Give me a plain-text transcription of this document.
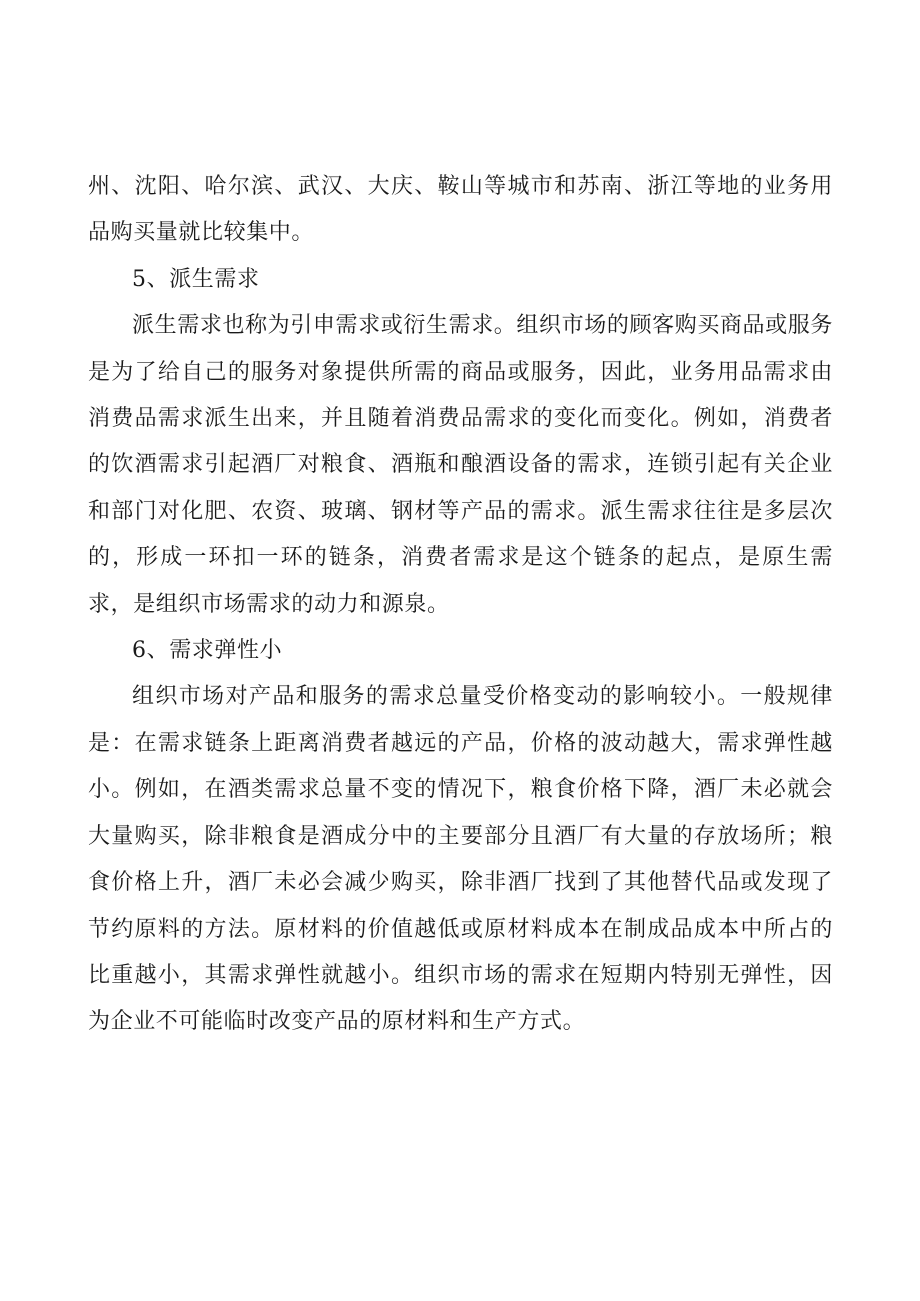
州、沈阳、哈尔滨、武汉、大庆、鞍山等城市和苏南、浙江等地的业务用品购买量就比较集中。

5、派生需求

派生需求也称为引申需求或衍生需求。组织市场的顾客购买商品或服务是为了给自己的服务对象提供所需的商品或服务，因此，业务用品需求由消费品需求派生出来，并且随着消费品需求的变化而变化。例如，消费者的饮酒需求引起酒厂对粮食、酒瓶和酿酒设备的需求，连锁引起有关企业和部门对化肥、农资、玻璃、钢材等产品的需求。派生需求往往是多层次的，形成一环扣一环的链条，消费者需求是这个链条的起点，是原生需求，是组织市场需求的动力和源泉。

6、需求弹性小

组织市场对产品和服务的需求总量受价格变动的影响较小。一般规律是：在需求链条上距离消费者越远的产品，价格的波动越大，需求弹性越小。例如，在酒类需求总量不变的情况下，粮食价格下降，酒厂未必就会大量购买，除非粮食是酒成分中的主要部分且酒厂有大量的存放场所；粮食价格上升，酒厂未必会减少购买，除非酒厂找到了其他替代品或发现了节约原料的方法。原材料的价值越低或原材料成本在制成品成本中所占的比重越小，其需求弹性就越小。组织市场的需求在短期内特别无弹性，因为企业不可能临时改变产品的原材料和生产方式。
